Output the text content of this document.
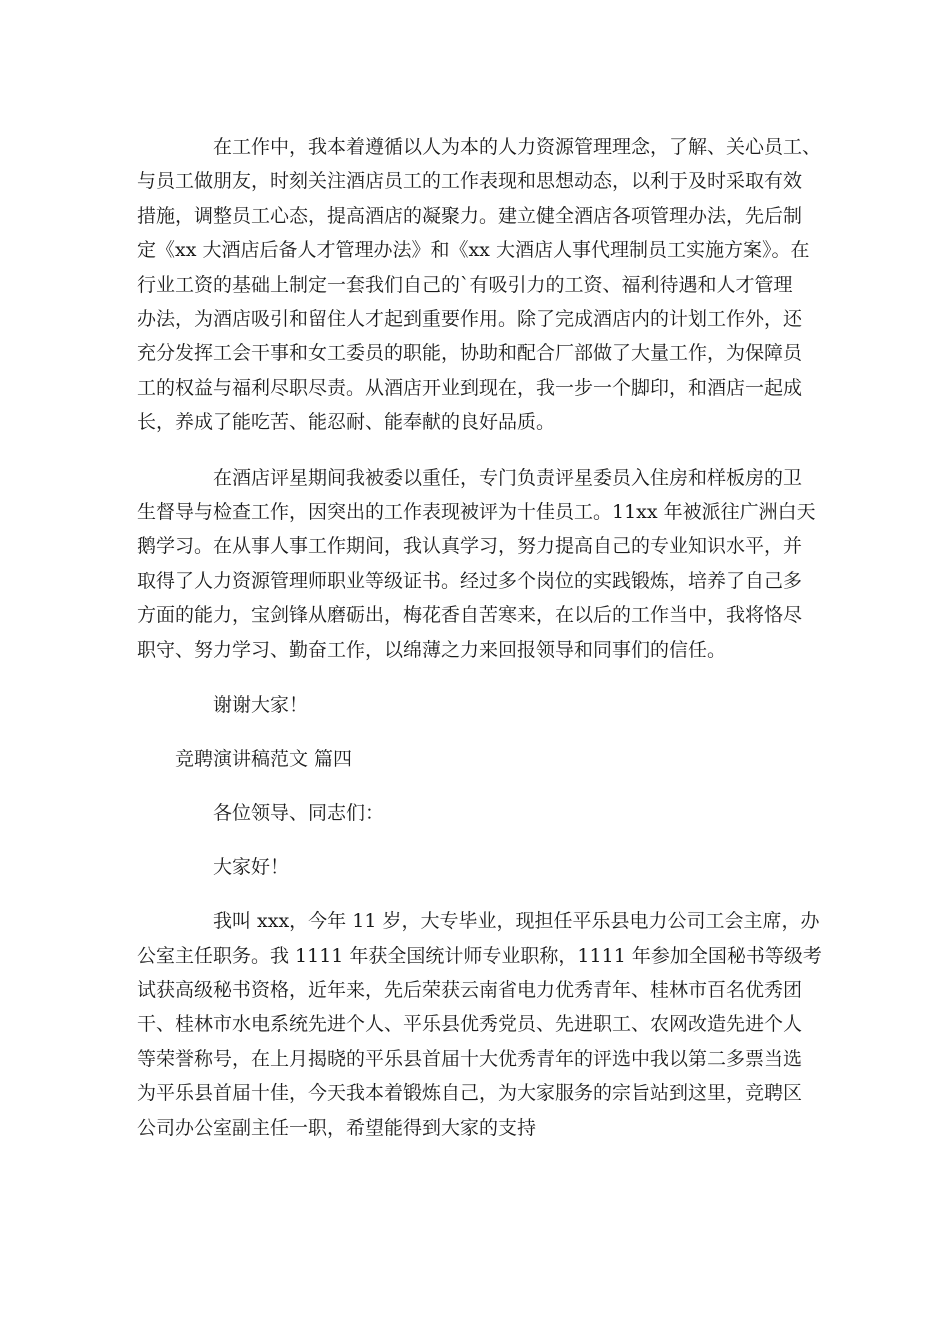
在工作中，我本着遵循以人为本的人力资源管理理念，了解、关心员工、
与员工做朋友，时刻关注酒店员工的工作表现和思想动态，以利于及时采取有效
措施，调整员工心态，提高酒店的凝聚力。建立健全酒店各项管理办法，先后制
定《xx 大酒店后备人才管理办法》和《xx 大酒店人事代理制员工实施方案》。在
行业工资的基础上制定一套我们自己的`有吸引力的工资、福利待遇和人才管理
办法，为酒店吸引和留住人才起到重要作用。除了完成酒店内的计划工作外，还
充分发挥工会干事和女工委员的职能，协助和配合厂部做了大量工作，为保障员
工的权益与福利尽职尽责。从酒店开业到现在，我一步一个脚印，和酒店一起成
长，养成了能吃苦、能忍耐、能奉献的良好品质。

在酒店评星期间我被委以重任，专门负责评星委员入住房和样板房的卫
生督导与检查工作，因突出的工作表现被评为十佳员工。11xx 年被派往广洲白天
鹅学习。在从事人事工作期间，我认真学习，努力提高自己的专业知识水平，并
取得了人力资源管理师职业等级证书。经过多个岗位的实践锻炼，培养了自己多
方面的能力，宝剑锋从磨砺出，梅花香自苦寒来，在以后的工作当中，我将恪尽
职守、努力学习、勤奋工作，以绵薄之力来回报领导和同事们的信任。

谢谢大家！

竞聘演讲稿范文 篇四

各位领导、同志们：

大家好！

我叫 xxx，今年 11 岁，大专毕业，现担任平乐县电力公司工会主席，办
公室主任职务。我 1111 年获全国统计师专业职称，1111 年参加全国秘书等级考
试获高级秘书资格，近年来，先后荣获云南省电力优秀青年、桂林市百名优秀团
干、桂林市水电系统先进个人、平乐县优秀党员、先进职工、农网改造先进个人
等荣誉称号，在上月揭晓的平乐县首届十大优秀青年的评选中我以第二多票当选
为平乐县首届十佳，今天我本着锻炼自己，为大家服务的宗旨站到这里，竞聘区
公司办公室副主任一职，希望能得到大家的支持
